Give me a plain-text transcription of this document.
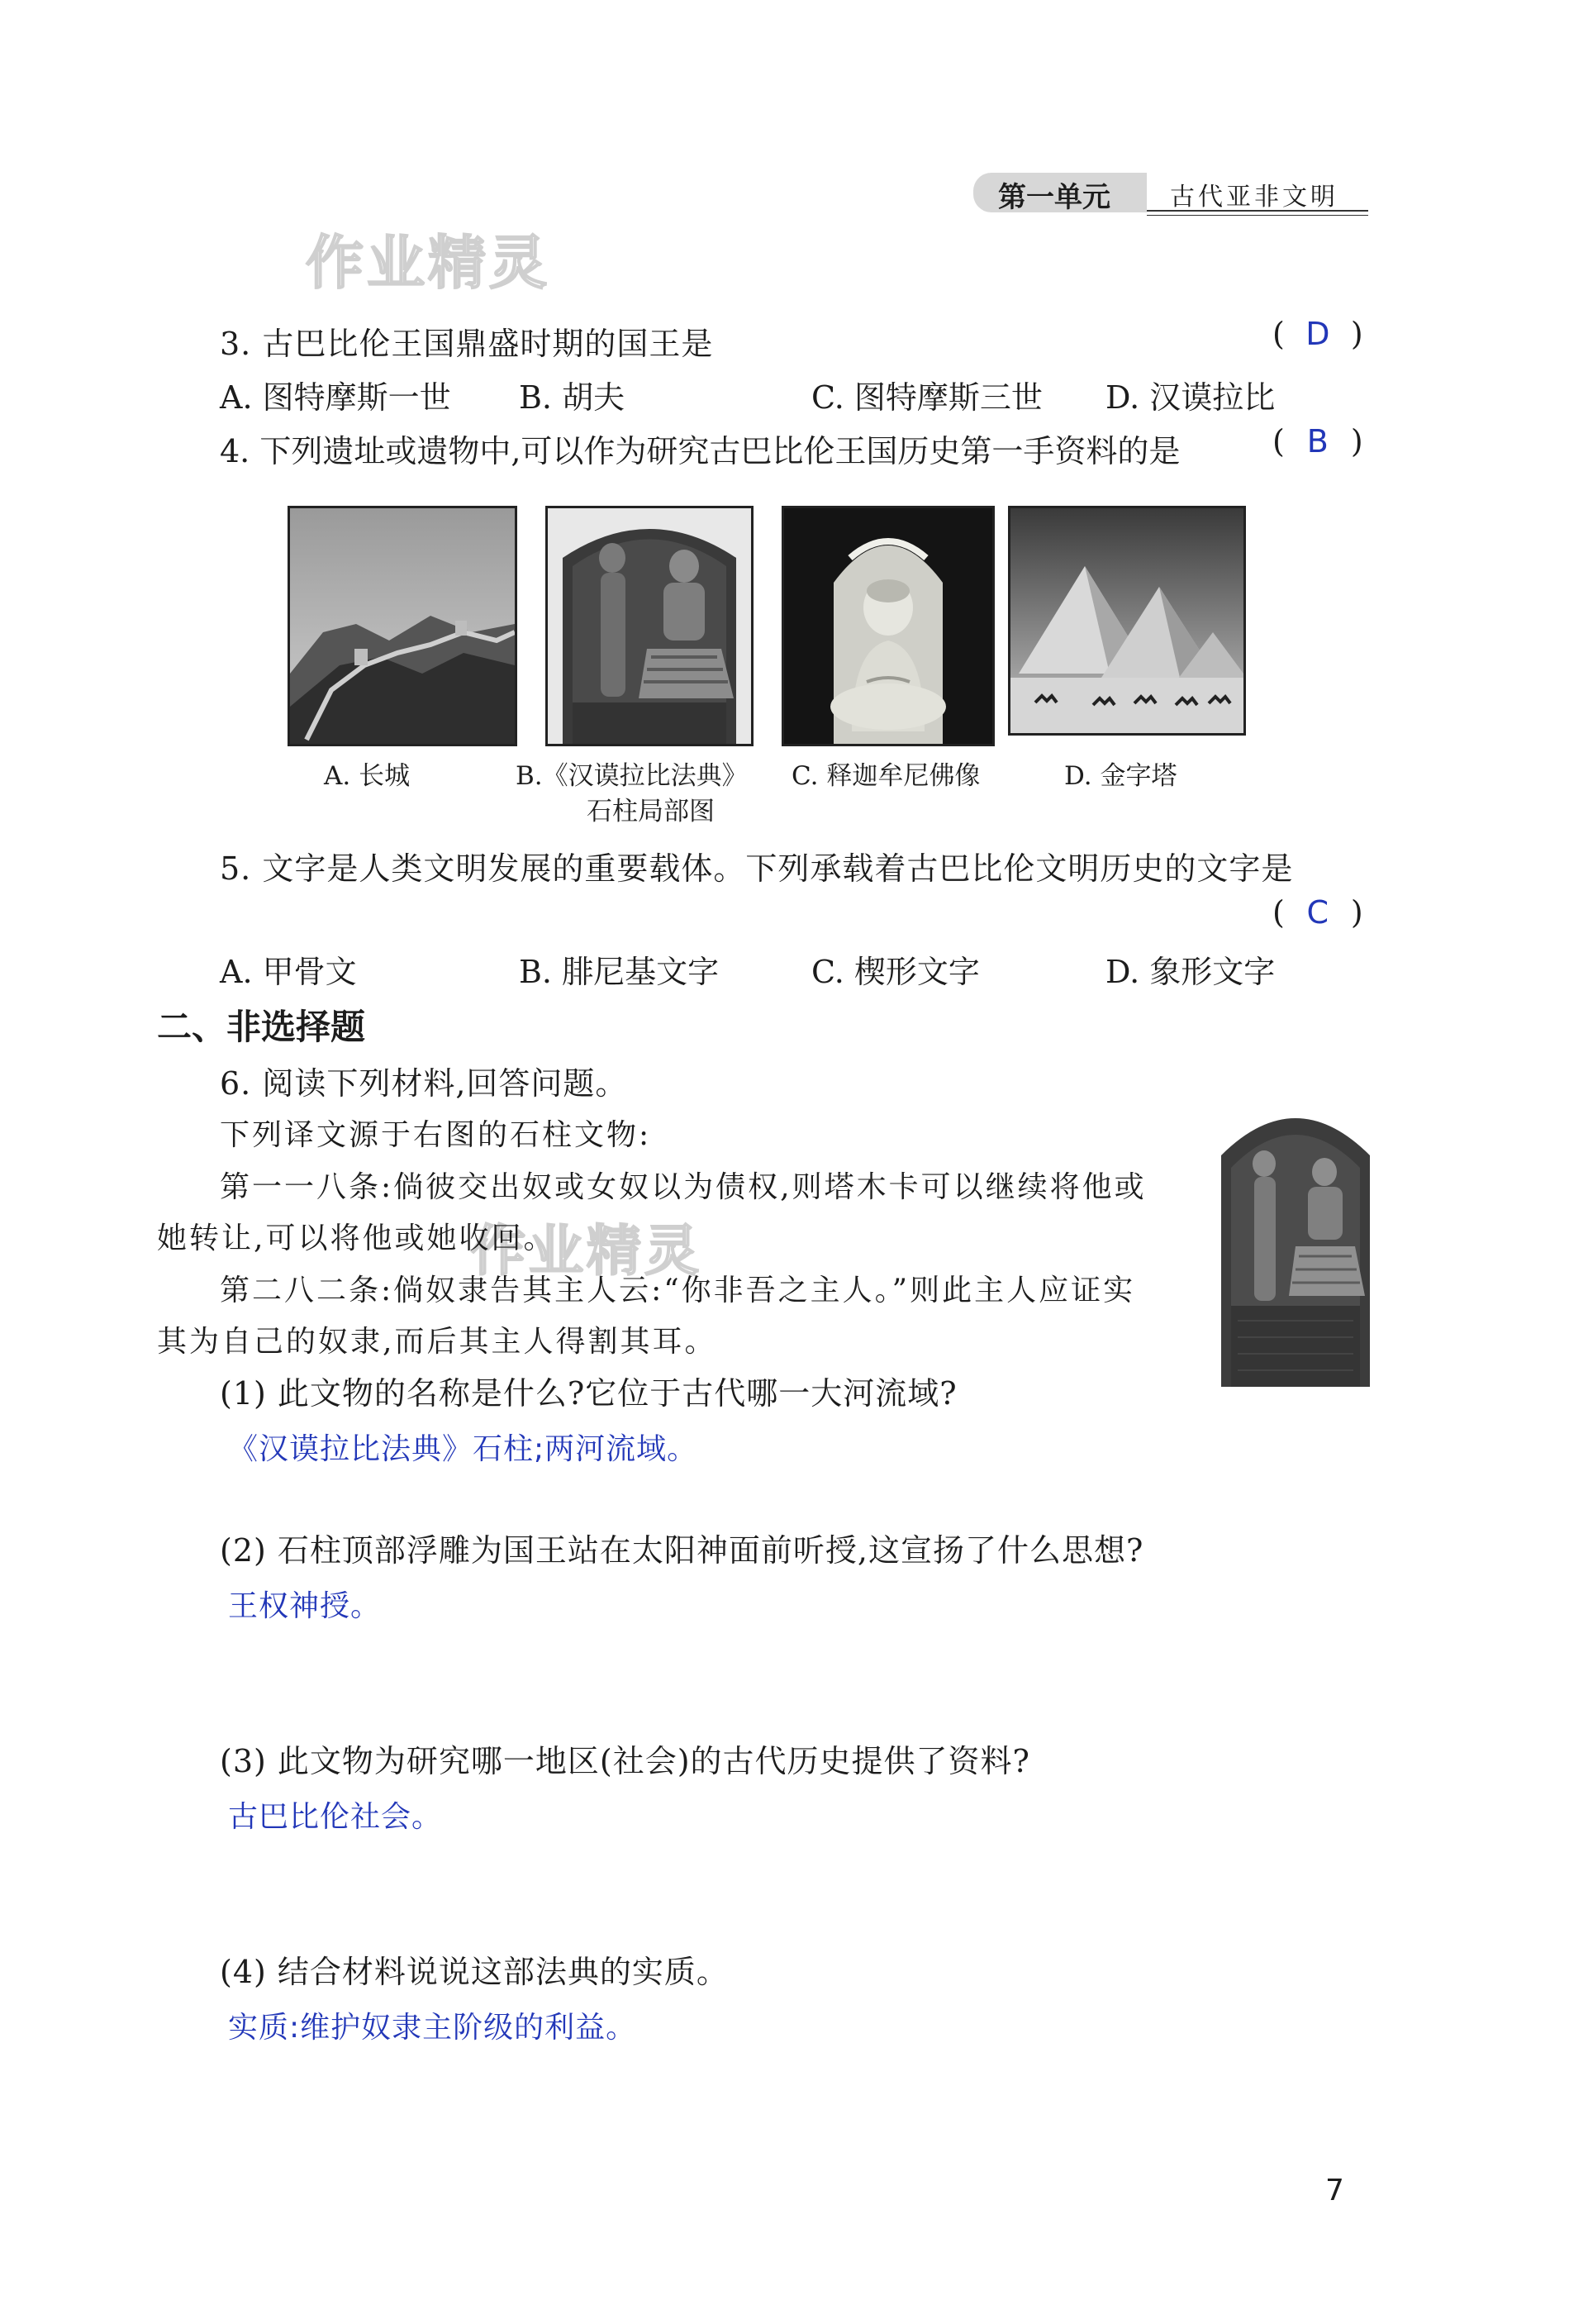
第一单元 古代亚非文明
作业精灵
作业精灵
3. 古巴比伦王国鼎盛时期的国王是	( D )
A. 图特摩斯一世 B. 胡夫	C. 图特摩斯三世 D. 汉谟拉比
4. 下列遗址或遗物中,可以作为研究古巴比伦王国历史第一手资料的是	( B )
A. 长城	B.《汉谟拉比法典》
石柱局部图
C. 释迦牟尼佛像	D. 金字塔
5. 文字是人类文明发展的重要载体。下列承载着古巴比伦文明历史的文字是
( C )
A. 甲骨文	B. 腓尼基文字	C. 楔形文字	D. 象形文字
二、非选择题
6. 阅读下列材料,回答问题。
下列译文源于右图的石柱文物:
第一一八条:倘彼交出奴或女奴以为债权,则塔木卡可以继续将他或
她转让,可以将他或她收回。
第二八二条:倘奴隶告其主人云:“你非吾之主人。”则此主人应证实
其为自己的奴隶,而后其主人得割其耳。
(1) 此文物的名称是什么?它位于古代哪一大河流域?
《汉谟拉比法典》石柱;两河流域。
(2) 石柱顶部浮雕为国王站在太阳神面前听授,这宣扬了什么思想?
王权神授。
(3) 此文物为研究哪一地区(社会)的古代历史提供了资料?
古巴比伦社会。
(4) 结合材料说说这部法典的实质。
实质:维护奴隶主阶级的利益。
7
